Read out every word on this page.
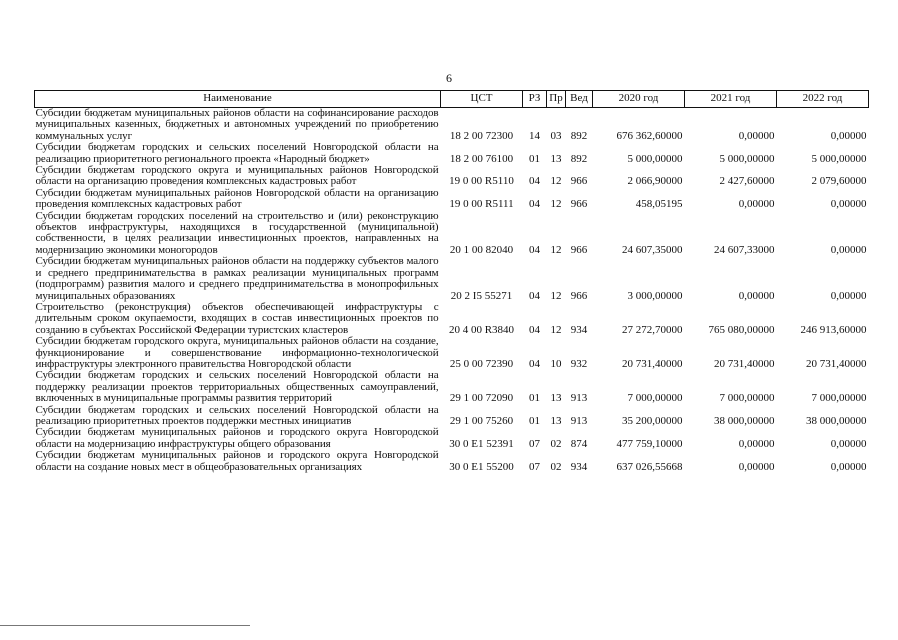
6
Наименование	ЦСТ	РЗ	Пр	Вед	2020 год	2021 год	2022 год
Субсидии бюджетам муниципальных районов области на софинансирование расходов муниципальных казенных, бюджетных и автономных учреждений по приобретению коммунальных услуг	18 2 00 72300	14	03	892	676 362,60000	0,00000	0,00000
Субсидии бюджетам городских и сельских поселений Новгородской области на реализацию приоритетного регионального проекта «Народный бюджет»	18 2 00 76100	01	13	892	5 000,00000	5 000,00000	5 000,00000
Субсидии бюджетам городского округа и муниципальных районов Новгородской области на организацию проведения комплексных кадастровых работ	19 0 00 R5110	04	12	966	2 066,90000	2 427,60000	2 079,60000
Субсидии бюджетам муниципальных районов Новгородской области на организацию проведения комплексных кадастровых работ	19 0 00 R5111	04	12	966	458,05195	0,00000	0,00000
Субсидии бюджетам городских поселений на строительство и (или) реконструкцию объектов инфраструктуры, находящихся в государственной (муниципальной) собственности, в целях реализации инвестиционных проектов, направленных на модернизацию экономики моногородов	20 1 00 82040	04	12	966	24 607,35000	24 607,33000	0,00000
Субсидии бюджетам муниципальных районов области на поддержку субъектов малого и среднего предпринимательства в рамках реализации муниципальных программ (подпрограмм) развития малого и среднего предпринимательства в монопрофильных муниципальных образованиях	20 2 I5 55271	04	12	966	3 000,00000	0,00000	0,00000
Строительство (реконструкция) объектов обеспечивающей инфраструктуры с длительным сроком окупаемости, входящих в состав инвестиционных проектов по созданию в субъектах Российской Федерации туристских кластеров	20 4 00 R3840	04	12	934	27 272,70000	765 080,00000	246 913,60000
Субсидии бюджетам городского округа, муниципальных районов области на создание, функционирование и совершенствование информационно-технологической инфраструктуры электронного правительства Новгородской области	25 0 00 72390	04	10	932	20 731,40000	20 731,40000	20 731,40000
Субсидии бюджетам городских и сельских поселений Новгородской области на поддержку реализации проектов территориальных общественных самоуправлений, включенных в муниципальные программы развития территорий	29 1 00 72090	01	13	913	7 000,00000	7 000,00000	7 000,00000
Субсидии бюджетам городских и сельских поселений Новгородской области на реализацию приоритетных проектов поддержки местных инициатив	29 1 00 75260	01	13	913	35 200,00000	38 000,00000	38 000,00000
Субсидии бюджетам муниципальных районов и городского округа Новгородской области на модернизацию инфраструктуры общего образования	30 0 E1 52391	07	02	874	477 759,10000	0,00000	0,00000
Субсидии бюджетам муниципальных районов и городского округа Новгородской области на создание новых мест в общеобразовательных организациях	30 0 E1 55200	07	02	934	637 026,55668	0,00000	0,00000
